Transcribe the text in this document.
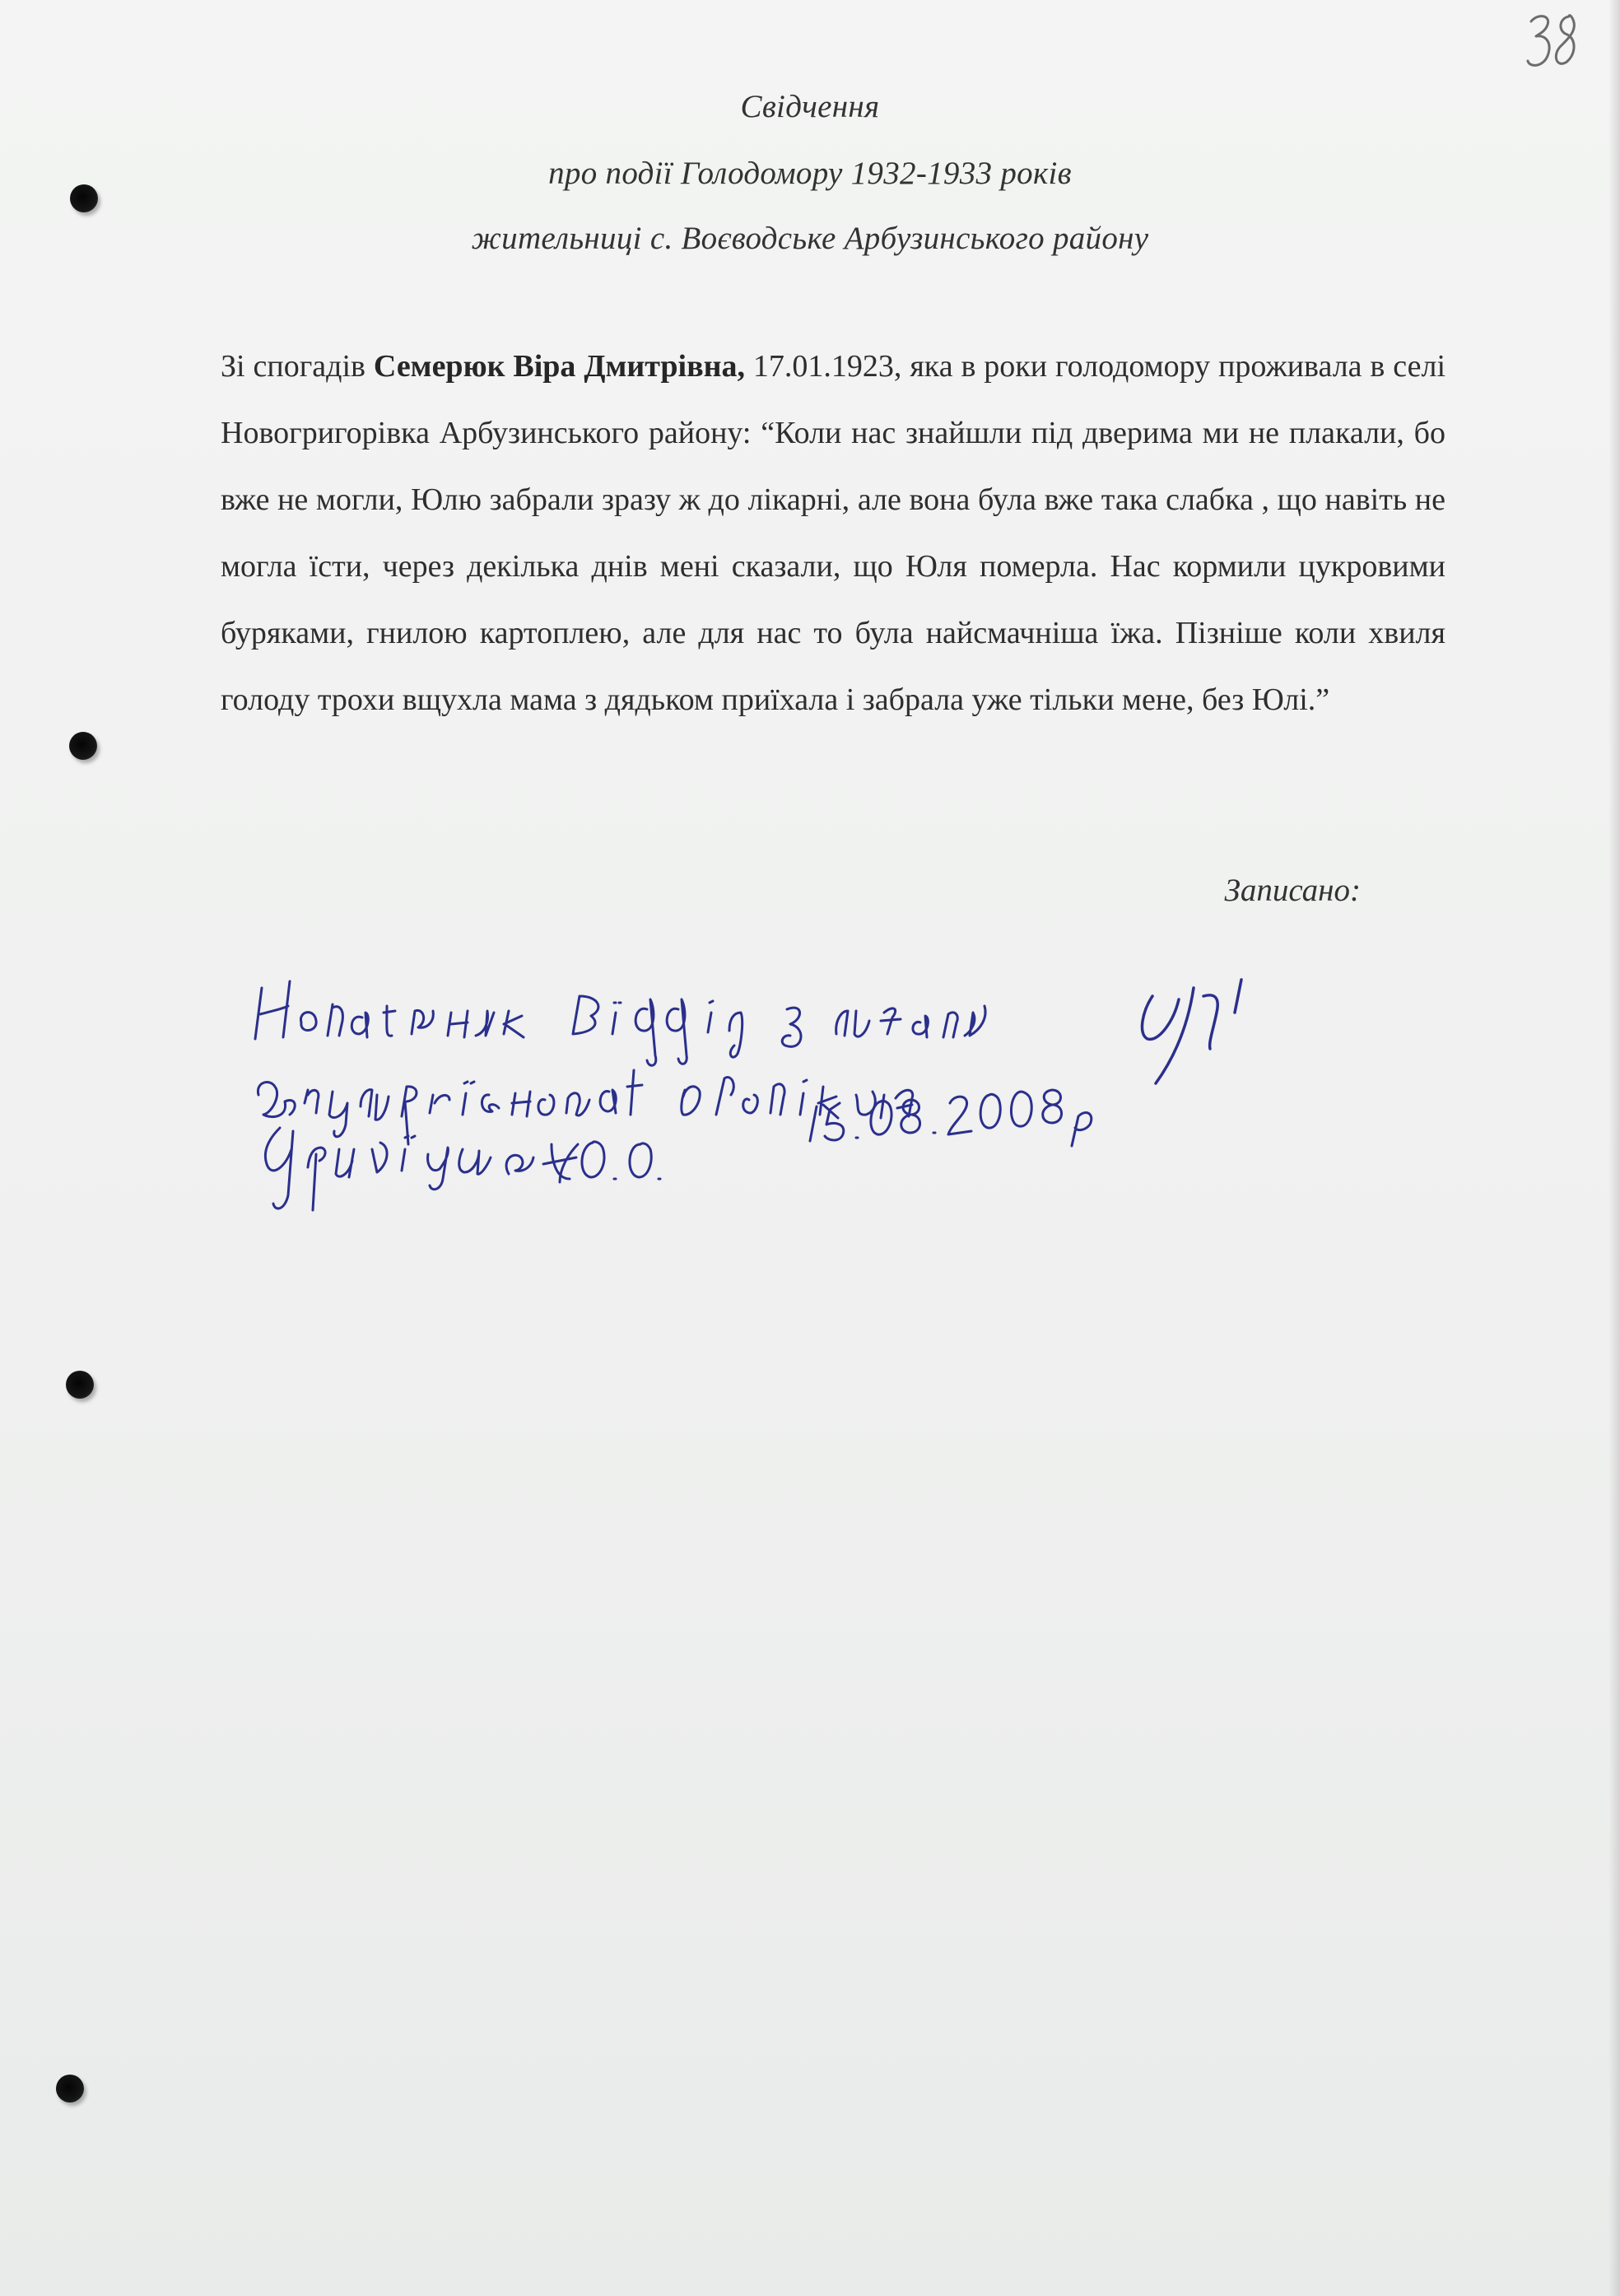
Свідчення
про події Голодомору 1932-1933 років
жительниці с. Воєводське Арбузинського району

Зі спогадів Семерюк Віра Дмитрівна, 17.01.1923, яка в роки голодомору проживала в селі Новогригорівка Арбузинського району: “Коли нас знайшли під дверима ми не плакали, бо вже не могли, Юлю забрали зразу ж до лікарні, але вона була вже така слабка , що навіть не могла їсти, через декілька днів мені сказали, що Юля померла. Нас кормили цукровими буряками, гнилою картоплею, але для нас то була найсмачніша їжа. Пізніше коли хвиля голоду трохи вщухла мама з дядьком приїхала і забрала уже тільки мене, без Юлі.”

Записано:
